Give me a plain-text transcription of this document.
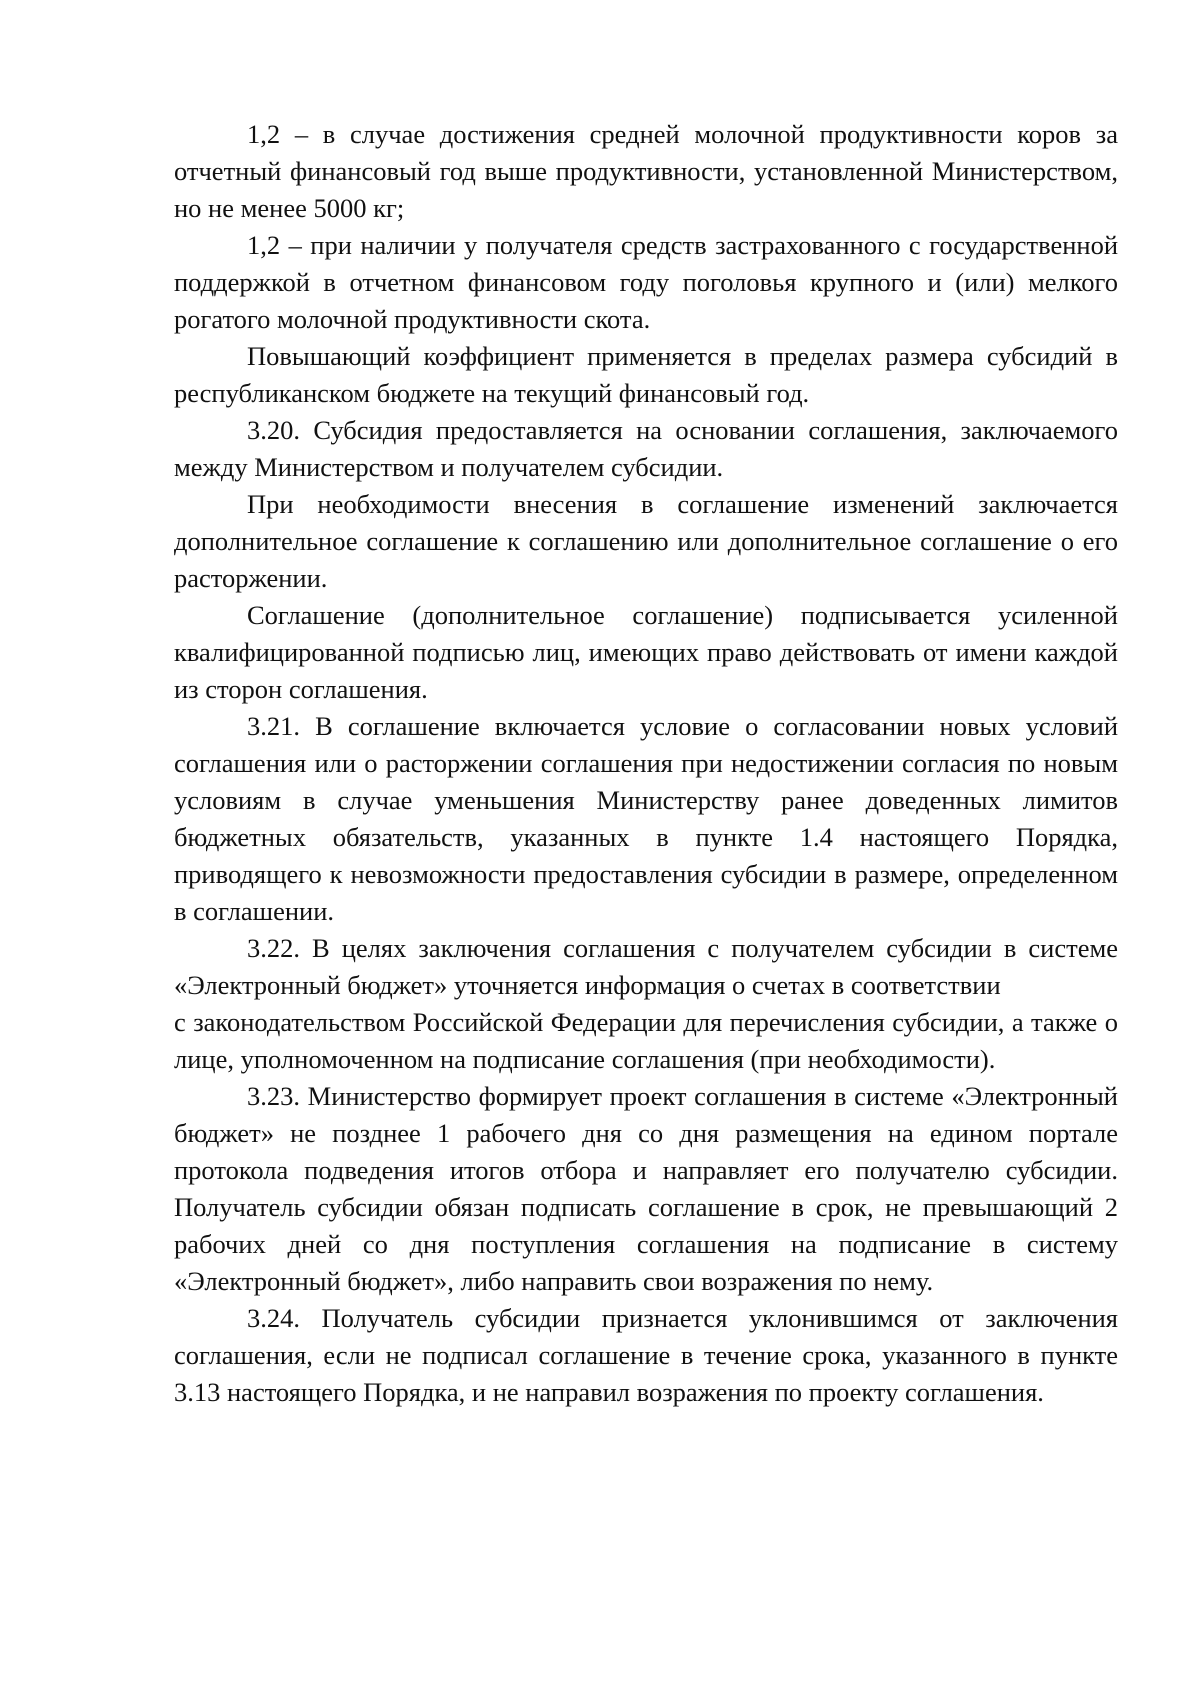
1,2 – в случае достижения средней молочной продуктивности коров за отчетный финансовый год выше продуктивности, установленной Министерством, но не менее 5000 кг;

1,2 – при наличии у получателя средств застрахованного с государственной поддержкой в отчетном финансовом году поголовья крупного и (или) мелкого рогатого молочной продуктивности скота.

Повышающий коэффициент применяется в пределах размера субсидий в республиканском бюджете на текущий финансовый год.

3.20. Субсидия предоставляется на основании соглашения, заключаемого между Министерством и получателем субсидии.

При необходимости внесения в соглашение изменений заключается дополнительное соглашение к соглашению или дополнительное соглашение о его расторжении.

Соглашение (дополнительное соглашение) подписывается усиленной квалифицированной подписью лиц, имеющих право действовать от имени каждой из сторон соглашения.

3.21. В соглашение включается условие о согласовании новых условий соглашения или о расторжении соглашения при недостижении согласия по новым условиям в случае уменьшения Министерству ранее доведенных лимитов бюджетных обязательств, указанных в пункте 1.4 настоящего Порядка, приводящего к невозможности предоставления субсидии в размере, определенном в соглашении.

3.22. В целях заключения соглашения с получателем субсидии в системе «Электронный бюджет» уточняется информация о счетах в соответствии

с законодательством Российской Федерации для перечисления субсидии, а также о лице, уполномоченном на подписание соглашения (при необходимости).

3.23. Министерство формирует проект соглашения в системе «Электронный бюджет» не позднее 1 рабочего дня со дня размещения на едином портале протокола подведения итогов отбора и направляет его получателю субсидии. Получатель субсидии обязан подписать соглашение в срок, не превышающий 2 рабочих дней со дня поступления соглашения на подписание в систему «Электронный бюджет», либо направить свои возражения по нему.

3.24. Получатель субсидии признается уклонившимся от заключения соглашения, если не подписал соглашение в течение срока, указанного в пункте 3.13 настоящего Порядка, и не направил возражения по проекту соглашения.
